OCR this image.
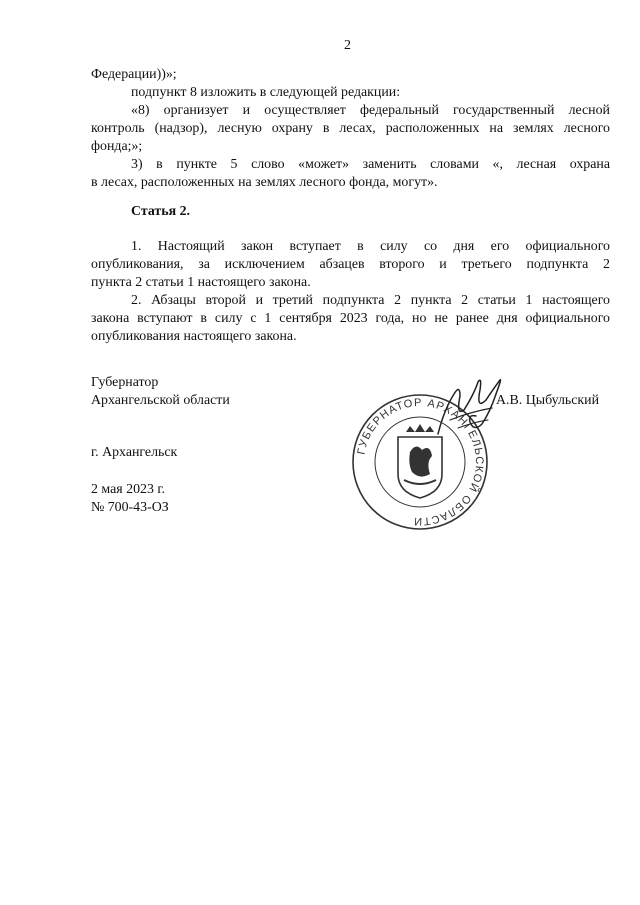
2
Федерации))»;
подпункт 8 изложить в следующей редакции:
«8) организует и осуществляет федеральный государственный лесной
контроль (надзор), лесную охрану в лесах, расположенных на землях лесного
фонда;»;
3) в пункте 5 слово «может» заменить словами «, лесная охрана
в лесах, расположенных на землях лесного фонда, могут».
Статья 2.
1. Настоящий закон вступает в силу со дня его официального
опубликования, за исключением абзацев второго и третьего подпункта 2
пункта 2 статьи 1 настоящего закона.
2. Абзацы второй и третий подпункта 2 пункта 2 статьи 1 настоящего
закона вступают в силу с 1 сентября 2023 года, но не ранее дня официального
опубликования настоящего закона.
Губернатор
Архангельской области	А.В. Цыбульский
ГУБЕРНАТОР АРХАНГЕЛЬСКОЙ ОБЛАСТИ
г. Архангельск
2 мая 2023 г.
№ 700-43-ОЗ
